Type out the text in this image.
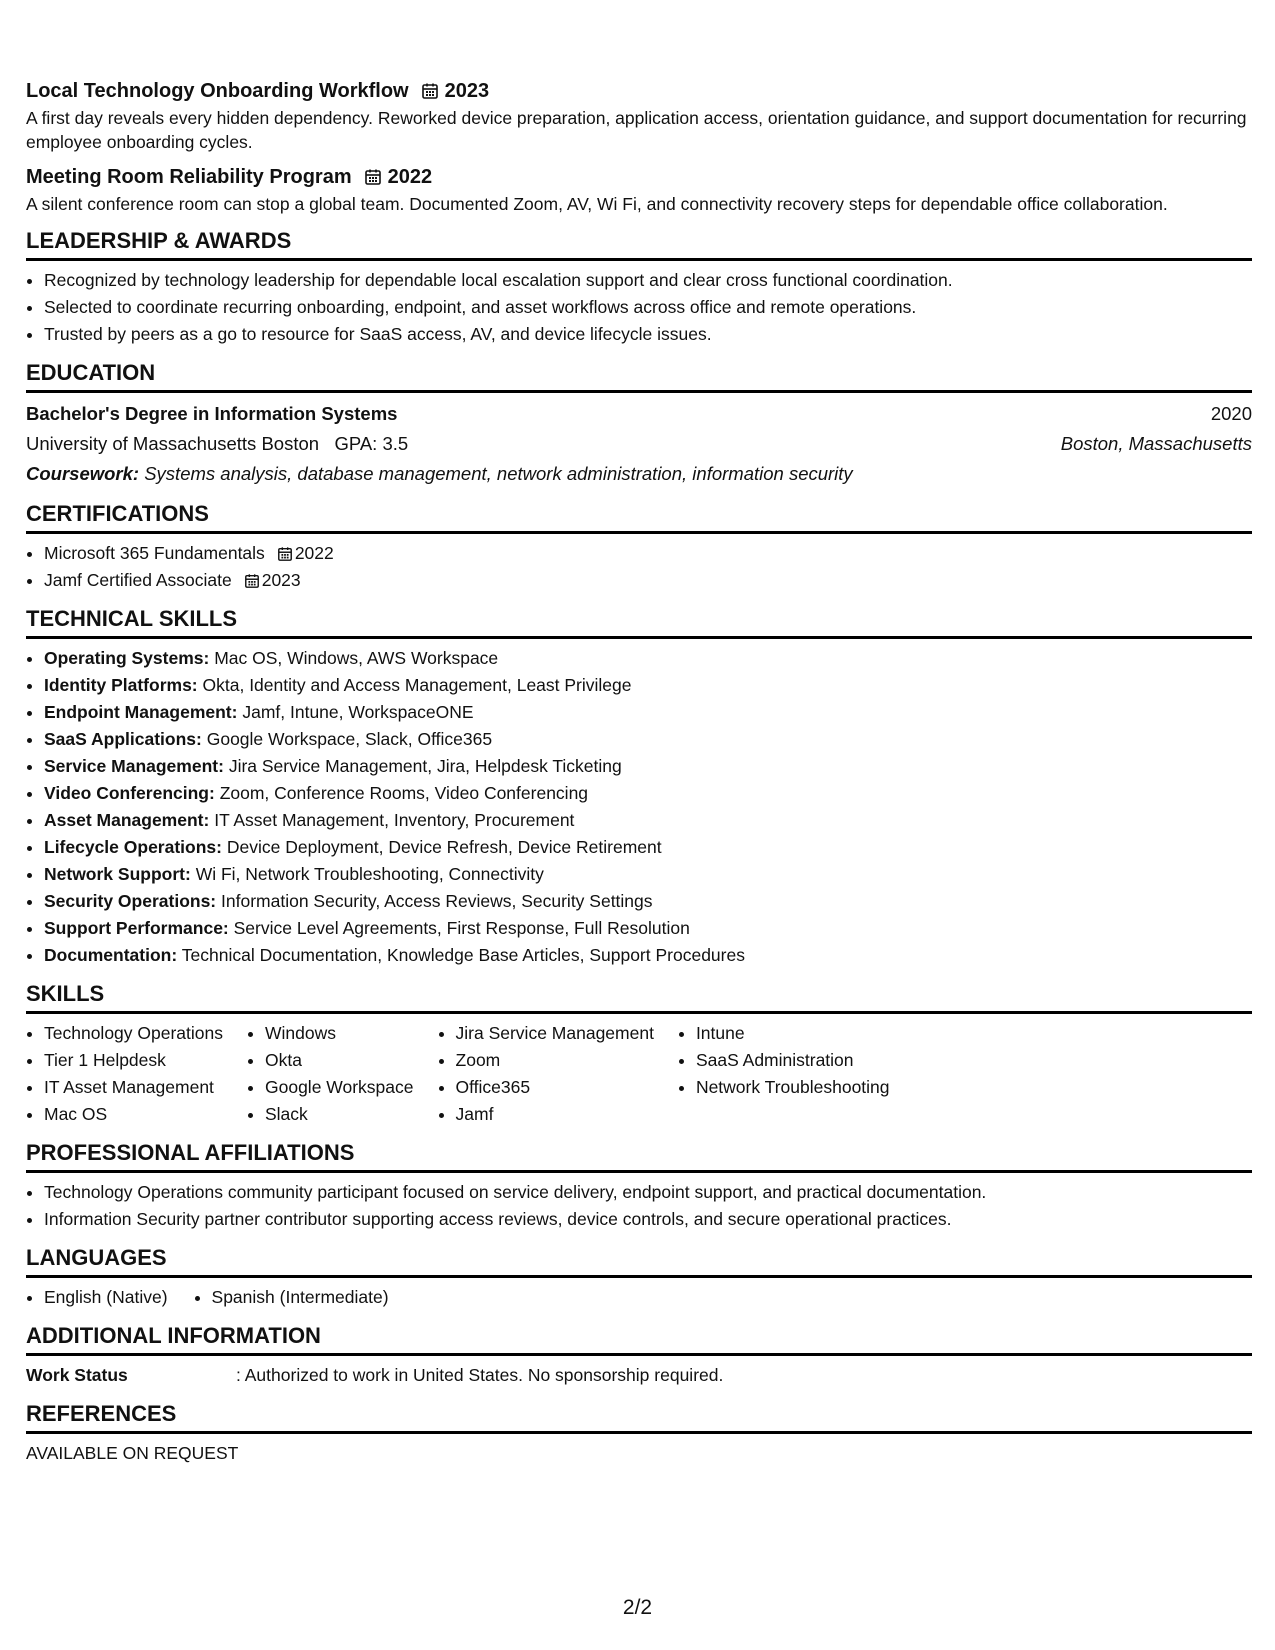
Local Technology Onboarding Workflow 2023

A first day reveals every hidden dependency. Reworked device preparation, application access, orientation guidance, and support documentation for recurring employee onboarding cycles.

Meeting Room Reliability Program 2022

A silent conference room can stop a global team. Documented Zoom, AV, Wi Fi, and connectivity recovery steps for dependable office collaboration.

LEADERSHIP & AWARDS
• Recognized by technology leadership for dependable local escalation support and clear cross functional coordination.
• Selected to coordinate recurring onboarding, endpoint, and asset workflows across office and remote operations.
• Trusted by peers as a go to resource for SaaS access, AV, and device lifecycle issues.
EDUCATION
Bachelor's Degree in Information Systems	2020
University of Massachusetts Boston GPA: 3.5	Boston, Massachusetts
Coursework: Systems analysis, database management, network administration, information security
CERTIFICATIONS
• Microsoft 365 Fundamentals 2022
• Jamf Certified Associate 2023
TECHNICAL SKILLS
• Operating Systems: Mac OS, Windows, AWS Workspace
• Identity Platforms: Okta, Identity and Access Management, Least Privilege
• Endpoint Management: Jamf, Intune, WorkspaceONE
• SaaS Applications: Google Workspace, Slack, Office365
• Service Management: Jira Service Management, Jira, Helpdesk Ticketing
• Video Conferencing: Zoom, Conference Rooms, Video Conferencing
• Asset Management: IT Asset Management, Inventory, Procurement
• Lifecycle Operations: Device Deployment, Device Refresh, Device Retirement
• Network Support: Wi Fi, Network Troubleshooting, Connectivity
• Security Operations: Information Security, Access Reviews, Security Settings
• Support Performance: Service Level Agreements, First Response, Full Resolution
• Documentation: Technical Documentation, Knowledge Base Articles, Support Procedures
SKILLS
• Technology Operations
• Tier 1 Helpdesk
• IT Asset Management
• Mac OS
• Windows
• Okta
• Google Workspace
• Slack
• Jira Service Management
• Zoom
• Office365
• Jamf
• Intune
• SaaS Administration
• Network Troubleshooting
PROFESSIONAL AFFILIATIONS
• Technology Operations community participant focused on service delivery, endpoint support, and practical documentation.
• Information Security partner contributor supporting access reviews, device controls, and secure operational practices.
LANGUAGES
• English (Native)
•	Spanish (Intermediate)
ADDITIONAL INFORMATION
Work Status	: Authorized to work in United States. No sponsorship required.
REFERENCES
AVAILABLE ON REQUEST
2/2
